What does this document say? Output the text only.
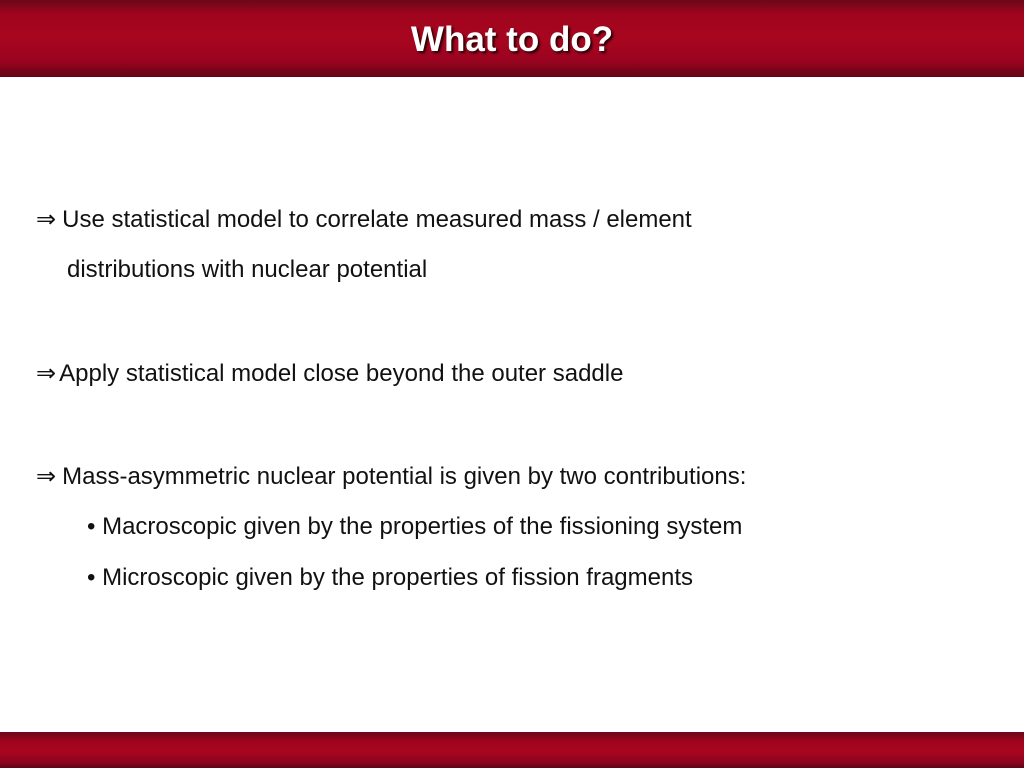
What to do?
⇒ Use statistical model to correlate measured mass / element
distributions with nuclear potential
⇒ Apply statistical model close beyond the outer saddle
⇒ Mass-asymmetric nuclear potential is given by two contributions:
• Macroscopic given by the properties of the fissioning system
• Microscopic given by the properties of fission fragments
